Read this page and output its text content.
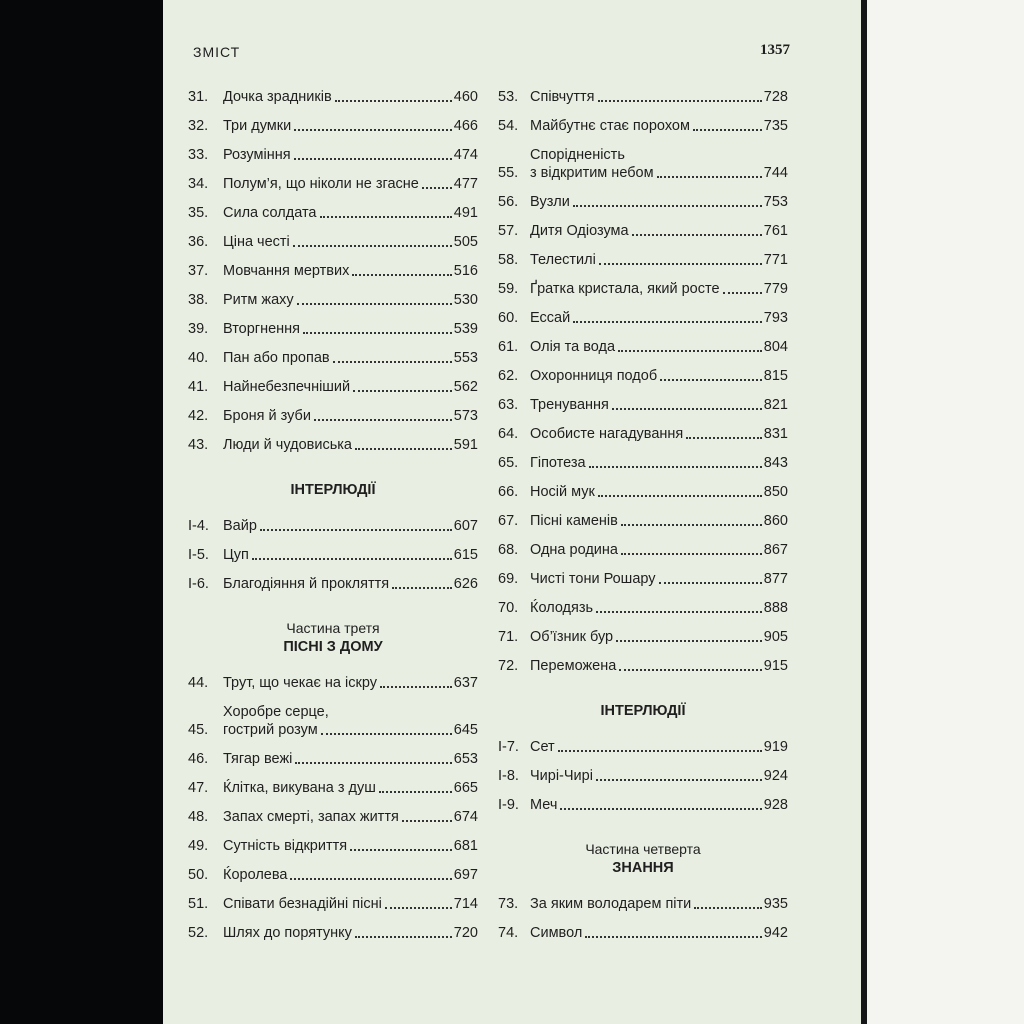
ЗМІСТ	1357
31.	Дочка зрадників	460
32.	Три думки	466
33.	Розуміння	474
34.	Полум’я, що ніколи не згасне 477
35.	Сила солдата	491
36.	Ціна честі	505
37.	Мовчання мертвих	516
38.	Ритм жаху	530
39.	Вторгнення	539
40.	Пан або пропав	553
41.	Найнебезпечніший	562
42.	Броня й зуби	573
43.	Люди й чудовиська	591
ІНТЕРЛЮДІЇ
І-4. Вайр	607
І-5. Цуп	615
І-6. Благодіяння й прокляття	626
Частина третя
ПІСНІ З ДОМУ
44.	Трут, що чекає на іскру	637
45.
Хоробре серце,
гострий розум	645
46.	Тягар вежі	653
47.	Ќлітка, викувана з душ	665
48.	Запах смерті, запах життя	674
49.	Сутність відкриття	681
50.	Ќоролева	697
51.	Співати безнадійні пісні	714
52.	Шлях до порятунку	720
53. Співчуття	728
54. Майбутнє стає порохом	735
55.
Спорідненість
з відкритим небом	744
56. Вузли	753
57. Дитя Одіозума	761
58. Телестилі	771
59. Ґратка кристала, який росте	779
60. Ессай	793
61. Олія та вода	804
62. Охоронниця подоб	815
63. Тренування	821
64. Особисте нагадування	831
65. Гіпотеза	843
66. Носій мук	850
67. Пісні каменів	860
68. Одна родина	867
69. Чисті тони Рошару	877
70. Ќолодязь	888
71. Об’їзник бур	905
72. Переможена	915
ІНТЕРЛЮДІЇ
І-7. Сет	919
І-8. Чирі-Чирі	924
І-9. Меч	928
Частина четверта
ЗНАННЯ
73. За яким володарем піти	935
74. Символ	942
